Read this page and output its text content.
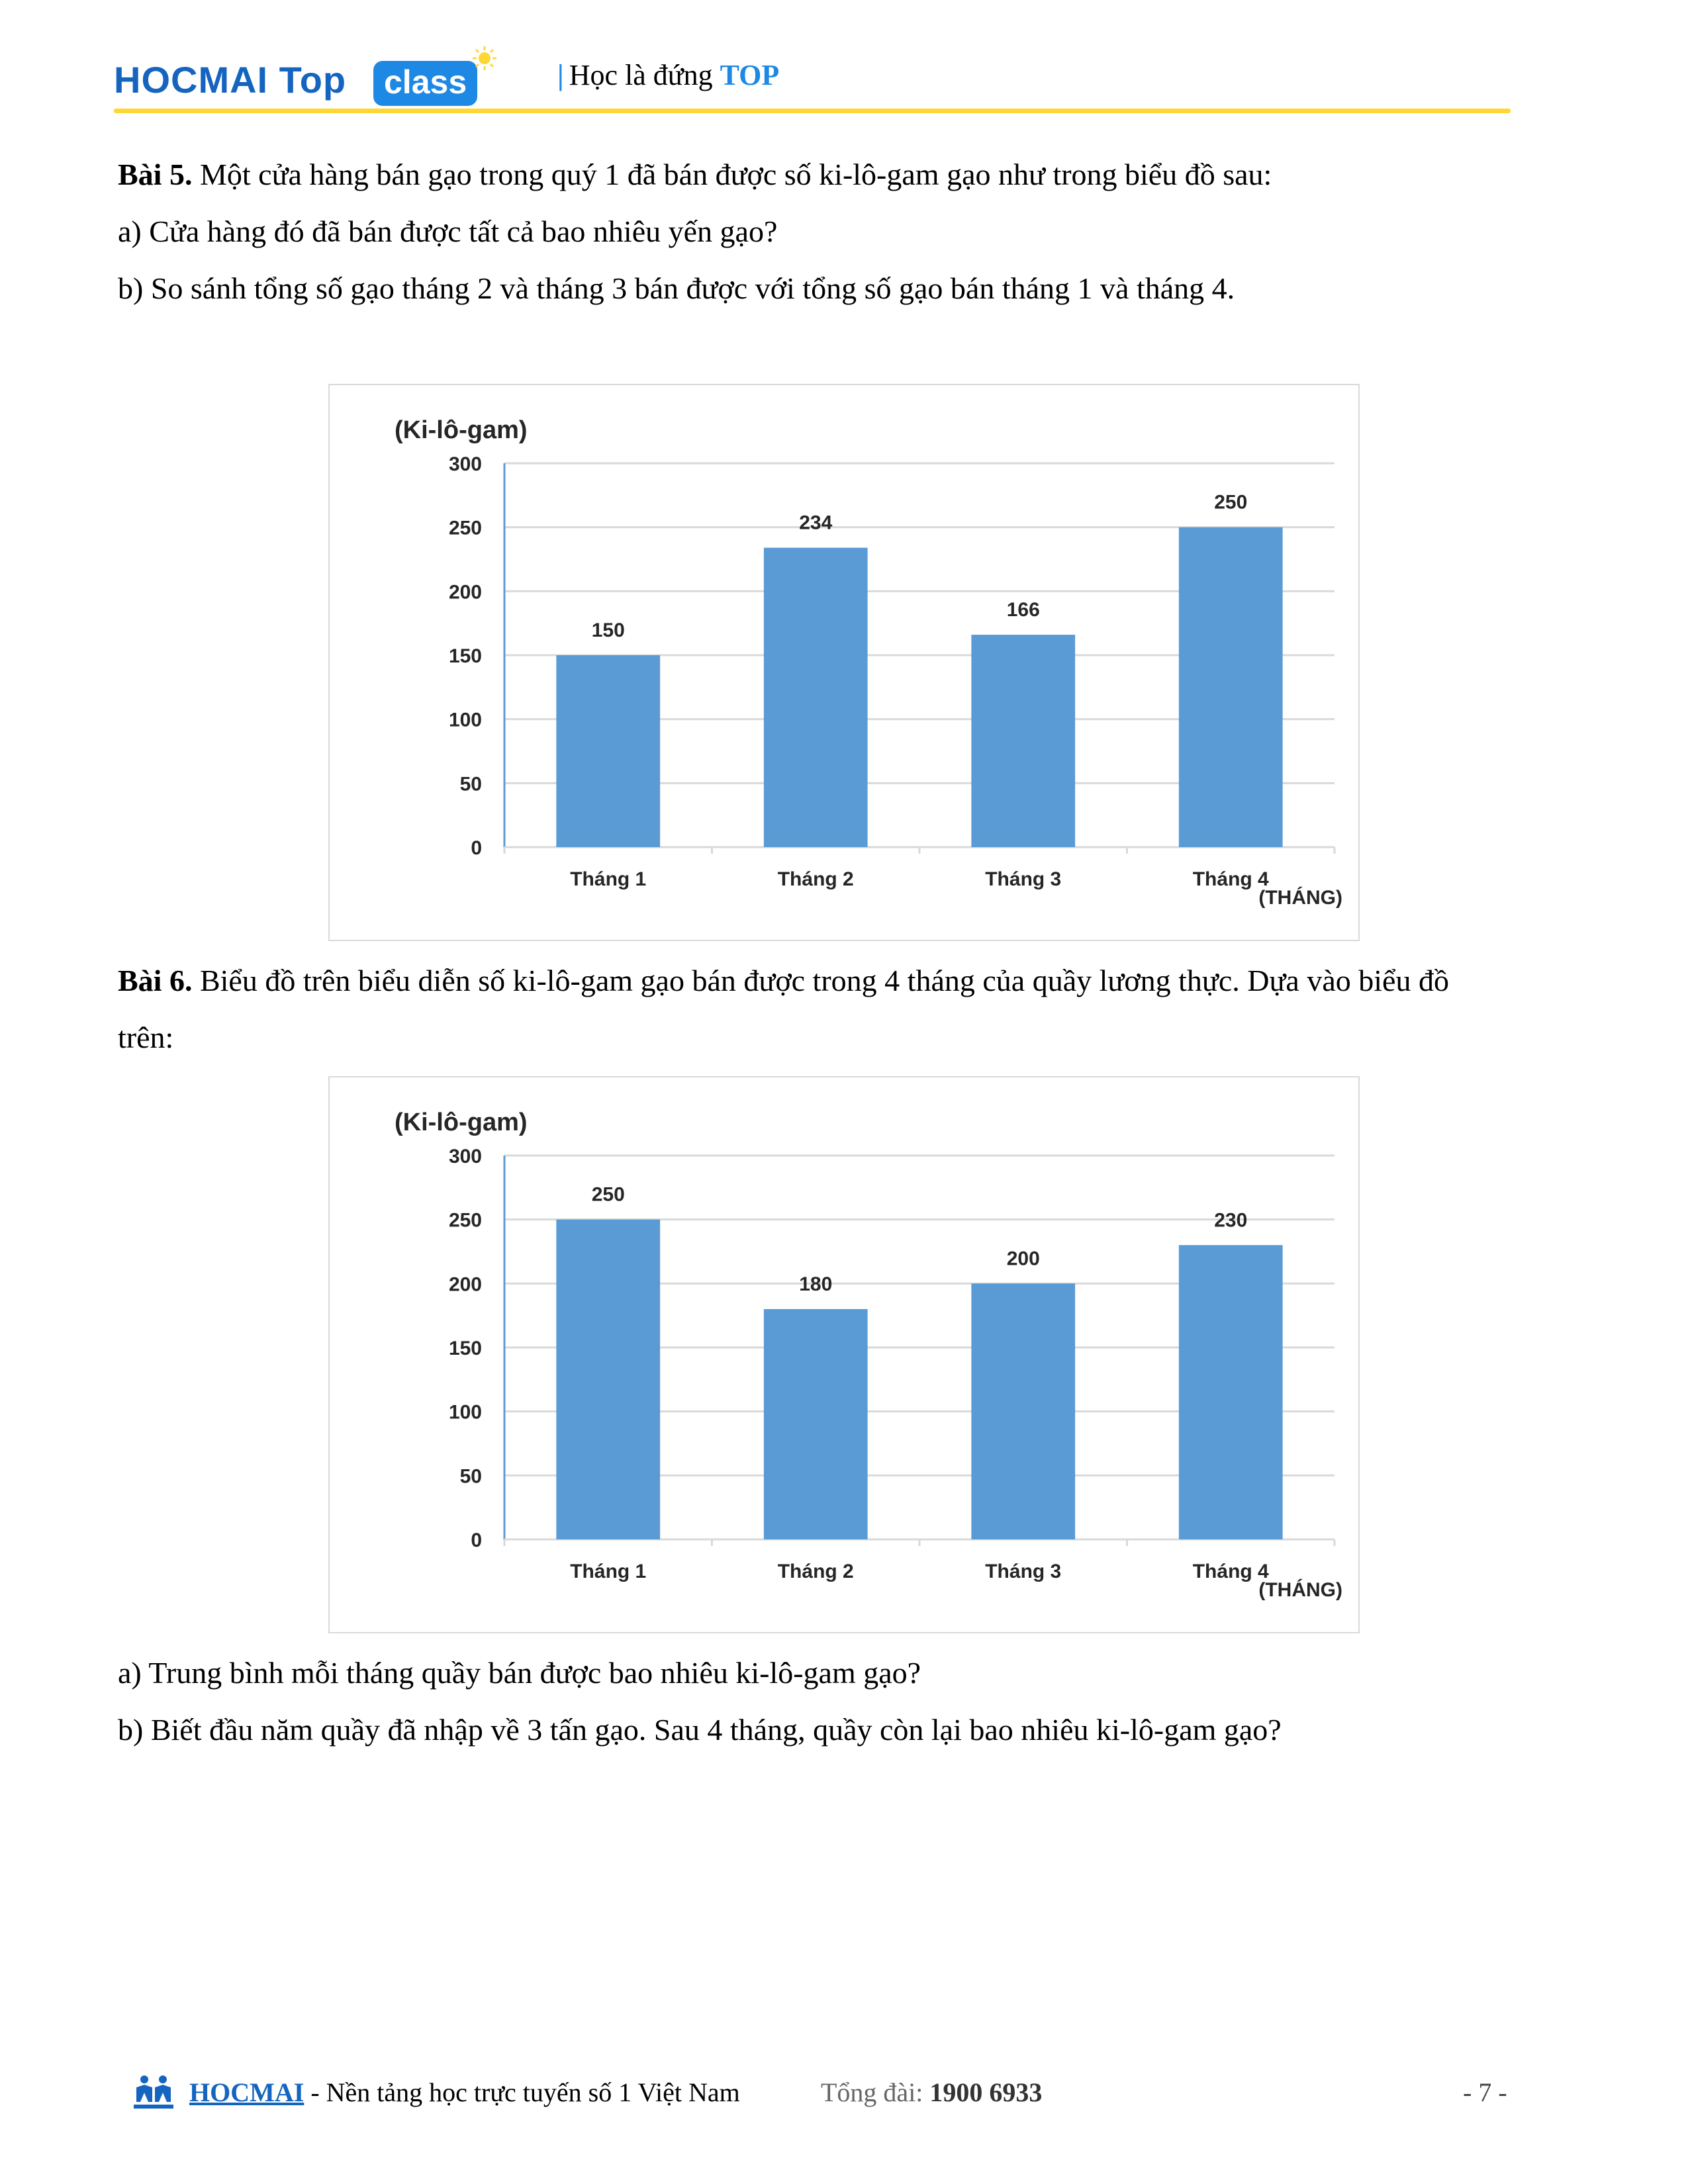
HOCMAI Top	class	| Học là đứng TOP
Bài 5. Một cửa hàng bán gạo trong quý 1 đã bán được số ki-lô-gam gạo như trong biểu đồ sau:
a) Cửa hàng đó đã bán được tất cả bao nhiêu yến gạo?
b) So sánh tổng số gạo tháng 2 và tháng 3 bán được với tổng số gạo bán tháng 1 và tháng 4.
0
50
100
150
200
250
300
150
Tháng 1
234
Tháng 2
166
Tháng 3
250
Tháng 4
(Ki-lô-gam)
(THÁNG)
Bài 6. Biểu đồ trên biểu diễn số ki-lô-gam gạo bán được trong 4 tháng của quầy lương thực. Dựa vào biểu đồ
trên:
0
50
100
150
200
250
300
250
Tháng 1
180
Tháng 2
200
Tháng 3
230
Tháng 4
(Ki-lô-gam)
(THÁNG)
a) Trung bình mỗi tháng quầy bán được bao nhiêu ki-lô-gam gạo?
b) Biết đầu năm quầy đã nhập về 3 tấn gạo. Sau 4 tháng, quầy còn lại bao nhiêu ki-lô-gam gạo?
HOCMAI - Nền tảng học trực tuyến số 1 Việt Nam	Tổng đài: 1900 6933	- 7 -
